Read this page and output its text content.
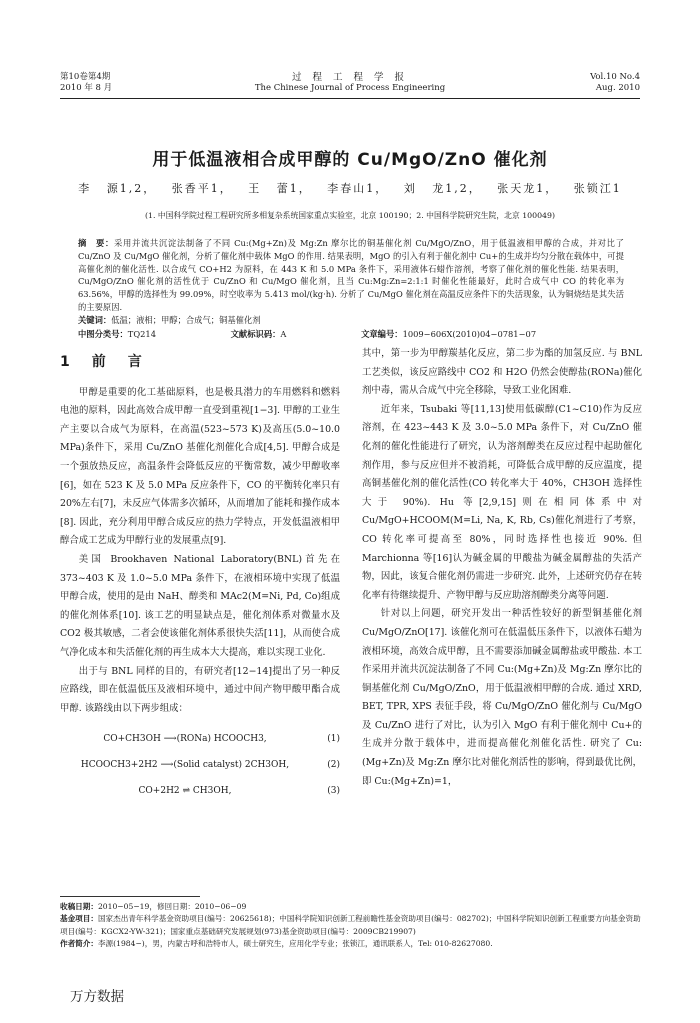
第10卷第4期
2010 年 8 月
过 程 工 程 学 报
The Chinese Journal of Process Engineering
Vol.10 No.4
Aug. 2010
用于低温液相合成甲醇的 Cu/MgO/ZnO 催化剂
李 源1,2， 张香平1， 王 蕾1， 李春山1， 刘 龙1,2， 张天龙1， 张锁江1
(1. 中国科学院过程工程研究所多相复杂系统国家重点实验室，北京 100190；2. 中国科学院研究生院，北京 100049)

摘　要：采用并流共沉淀法制备了不同 Cu:(Mg+Zn)及 Mg:Zn 摩尔比的铜基催化剂 Cu/MgO/ZnO，用于低温液相甲醇的合成，并对比了 Cu/ZnO 及 Cu/MgO 催化剂，分析了催化剂中载体 MgO 的作用. 结果表明，MgO 的引入有利于催化剂中 Cu+的生成并均匀分散在载体中，可提高催化剂的催化活性. 以合成气 CO+H2 为原料，在 443 K 和 5.0 MPa 条件下，采用液体石蜡作溶剂，考察了催化剂的催化性能. 结果表明，Cu/MgO/ZnO 催化剂的活性优于 Cu/ZnO 和 Cu/MgO 催化剂，且当 Cu:Mg:Zn=2:1:1 时催化性能最好，此时合成气中 CO 的转化率为 63.56%，甲醇的选择性为 99.09%，时空收率为 5.413 mol/(kg·h). 分析了 Cu/MgO 催化剂在高温反应条件下的失活现象，认为铜烧结是其失活的主要原因.

关键词：低温；液相；甲醇；合成气；铜基催化剂

中图分类号：TQ214	文献标识码：A	文章编号：1009−606X(2010)04−0781−07
1　前　言

甲醇是重要的化工基础原料，也是极具潜力的车用燃料和燃料电池的原料，因此高效合成甲醇一直受到重视[1−3]. 甲醇的工业生产主要以合成气为原料，在高温(523~573 K)及高压(5.0~10.0 MPa)条件下，采用 Cu/ZnO 基催化剂催化合成[4,5]. 甲醇合成是一个强放热反应，高温条件会降低反应的平衡常数，减少甲醇收率[6]，如在 523 K 及 5.0 MPa 反应条件下，CO 的平衡转化率只有 20%左右[7]，未反应气体需多次循环，从而增加了能耗和操作成本[8]. 因此，充分利用甲醇合成反应的热力学特点，开发低温液相甲醇合成工艺成为甲醇行业的发展重点[9].

美国 Brookhaven National Laboratory(BNL)首先在 373~403 K 及 1.0~5.0 MPa 条件下，在液相环境中实现了低温甲醇合成，使用的是由 NaH、醇类和 MAc2(M=Ni, Pd, Co)组成的催化剂体系[10]. 该工艺的明显缺点是，催化剂体系对微量水及 CO2 极其敏感，二者会使该催化剂体系很快失活[11]，从而使合成气净化成本和失活催化剂的再生成本大大提高，难以实现工业化.

出于与 BNL 同样的目的，有研究者[12−14]提出了另一种反应路线，即在低温低压及液相环境中，通过中间产物甲酸甲酯合成甲醇. 该路线由以下两步组成：

CO+CH3OH ⟶(RONa) HCOOCH3,	(1)
HCOOCH3+2H2 ⟶(Solid catalyst) 2CH3OH,	(2)
CO+2H2 ⇌ CH3OH,	(3)

其中，第一步为甲醇羰基化反应，第二步为酯的加氢反应. 与 BNL 工艺类似，该反应路线中 CO2 和 H2O 仍然会使醇盐(RONa)催化剂中毒，需从合成气中完全移除，导致工业化困难.

近年来，Tsubaki 等[11,13]使用低碳醇(C1~C10)作为反应溶剂，在 423~443 K 及 3.0~5.0 MPa 条件下，对 Cu/ZnO 催化剂的催化性能进行了研究，认为溶剂醇类在反应过程中起助催化剂作用，参与反应但并不被消耗，可降低合成甲醇的反应温度，提高铜基催化剂的催化活性(CO 转化率大于 40%，CH3OH 选择性大于 90%). Hu 等[2,9,15]则在相同体系中对 Cu/MgO+HCOOM(M=Li, Na, K, Rb, Cs)催化剂进行了考察，CO 转化率可提高至 80%，同时选择性也接近 90%. 但 Marchionna 等[16]认为碱金属的甲酸盐为碱金属醇盐的失活产物，因此，该复合催化剂仍需进一步研究. 此外，上述研究仍存在转化率有待继续提升、产物甲醇与反应助溶剂醇类分离等问题.

针对以上问题，研究开发出一种活性较好的新型铜基催化剂 Cu/MgO/ZnO[17]. 该催化剂可在低温低压条件下，以液体石蜡为液相环境，高效合成甲醇，且不需要添加碱金属醇盐或甲酸盐. 本工作采用并流共沉淀法制备了不同 Cu:(Mg+Zn)及 Mg:Zn 摩尔比的铜基催化剂 Cu/MgO/ZnO，用于低温液相甲醇的合成. 通过 XRD, BET, TPR, XPS 表征手段，将 Cu/MgO/ZnO 催化剂与 Cu/MgO 及 Cu/ZnO 进行了对比，认为引入 MgO 有利于催化剂中 Cu+的生成并分散于载体中，进而提高催化剂催化活性. 研究了 Cu:(Mg+Zn)及 Mg:Zn 摩尔比对催化剂活性的影响，得到最优比例，即 Cu:(Mg+Zn)=1，

收稿日期：2010−05−19，修回日期：2010−06−09

基金项目：国家杰出青年科学基金资助项目(编号：20625618)；中国科学院知识创新工程前瞻性基金资助项目(编号：082702)；中国科学院知识创新工程重要方向基金资助项目(编号：KGCX2-YW-321)；国家重点基础研究发展规划(973)基金资助项目(编号：2009CB219907)

作者简介：李源(1984−)，男，内蒙古呼和浩特市人，硕士研究生，应用化学专业；张锁江，通讯联系人，Tel: 010-82627080.

万方数据
